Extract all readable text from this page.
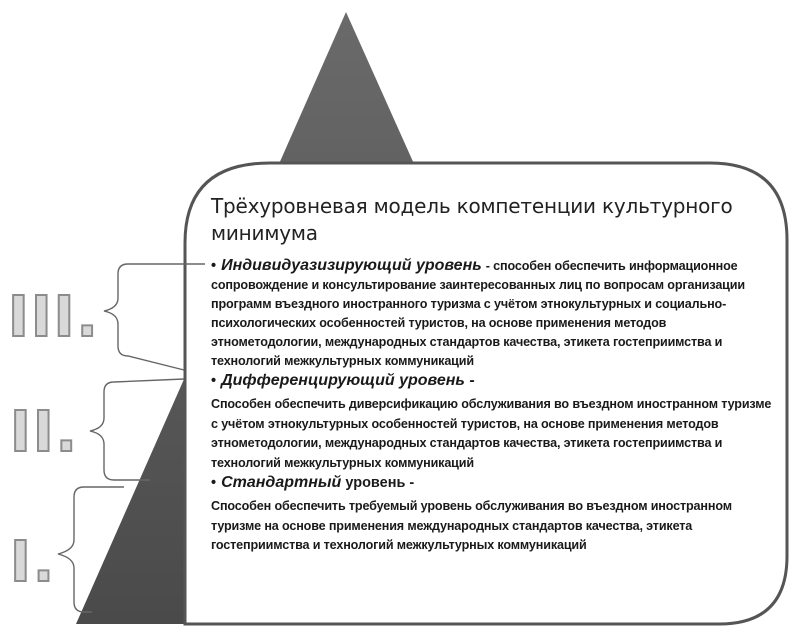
III.
II.
I.
Трёхуровневая модель компетенции культурного минимума

• Индивидуазизирующий уровень - способен обеспечить информационное сопровождение и консультирование заинтересованных лиц по вопросам организации программ въездного иностранного туризма с учётом этнокультурных и социально-психологических особенностей туристов, на основе применения методов этнометодологии, международных стандартов качества, этикета гостеприимства и технологий межкультурных коммуникаций

• Дифференцирующий уровень -

Способен обеспечить диверсификацию обслуживания во въездном иностранном туризме с учётом этнокультурных особенностей туристов, на основе применения методов этнометодологии, международных стандартов качества, этикета гостеприимства и технологий межкультурных коммуникаций

• Стандартный уровень -

Способен обеспечить требуемый уровень обслуживания во въездном иностранном туризме на основе применения международных стандартов качества, этикета гостеприимства и технологий межкультурных коммуникаций
